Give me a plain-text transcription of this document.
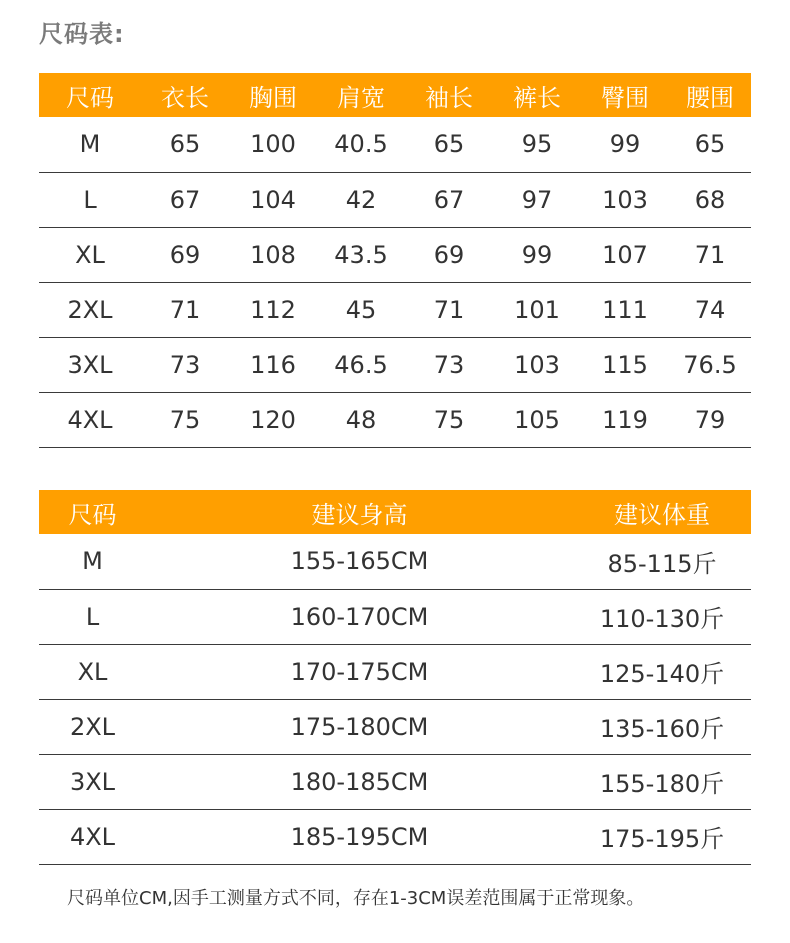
尺码表:
尺码	衣长	胸围	肩宽	袖长	裤长	臀围	腰围
M	65	100	40.5	65	95	99	65
L	67	104	42	67	97	103	68
XL	69	108	43.5	69	99	107	71
2XL	71	112	45	71	101	111	74
3XL	73	116	46.5	73	103	115	76.5
4XL	75	120	48	75	105	119	79
尺码	建议身高	建议体重
M	155-165CM	85-115斤
L	160-170CM	110-130斤
XL	170-175CM	125-140斤
2XL	175-180CM	135-160斤
3XL	180-185CM	155-180斤
4XL	185-195CM	175-195斤
尺码单位CM,因手工测量方式不同，存在1-3CM误差范围属于正常现象。
